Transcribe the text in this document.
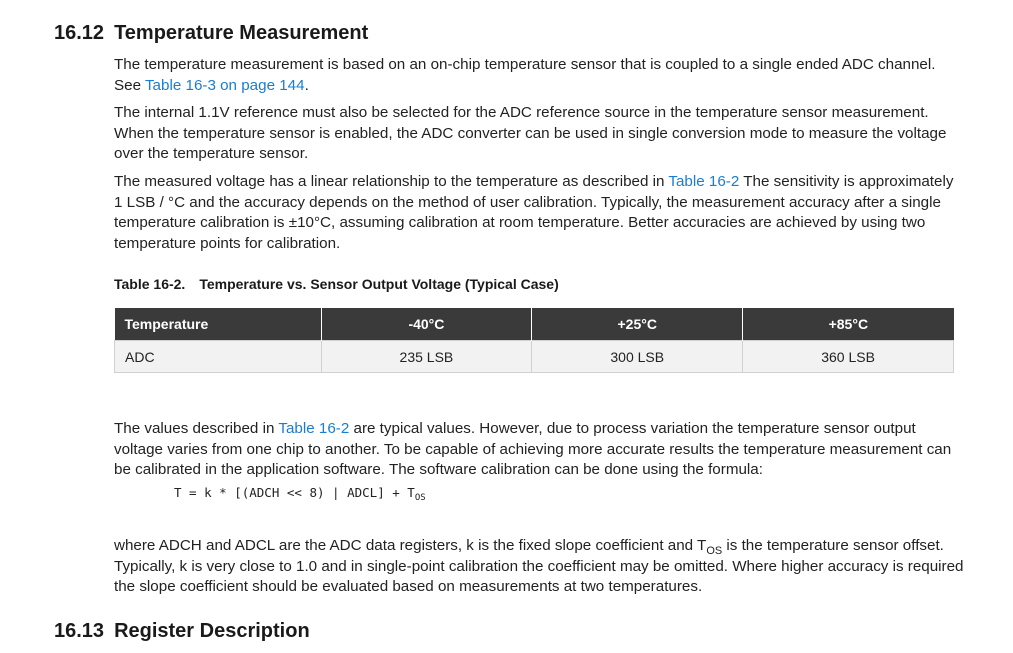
16.12 Temperature Measurement

The temperature measurement is based on an on-chip temperature sensor that is coupled to a single ended ADC channel. See Table 16-3 on page 144.

The internal 1.1V reference must also be selected for the ADC reference source in the temperature sensor measurement. When the temperature sensor is enabled, the ADC converter can be used in single conversion mode to measure the voltage over the temperature sensor.

The measured voltage has a linear relationship to the temperature as described in Table 16-2 The sensitivity is approximately 1 LSB / °C and the accuracy depends on the method of user calibration. Typically, the measurement accuracy after a single temperature calibration is ±10°C, assuming calibration at room temperature. Better accuracies are achieved by using two temperature points for calibration.

Table 16-2. Temperature vs. Sensor Output Voltage (Typical Case)
Temperature	-40°C	+25°C	+85°C
ADC	235 LSB	300 LSB	360 LSB

The values described in Table 16-2 are typical values. However, due to process variation the temperature sensor output voltage varies from one chip to another. To be capable of achieving more accurate results the temperature measurement can be calibrated in the application software. The software calibration can be done using the formula:

T = k * [(ADCH << 8) | ADCL] + $T_{OS}$

where ADCH and ADCL are the ADC data registers, k is the fixed slope coefficient and $T_{OS}$ is the temperature sensor offset. Typically, k is very close to 1.0 and in single-point calibration the coefficient may be omitted. Where higher accuracy is required the slope coefficient should be evaluated based on measurements at two temperatures.

16.13 Register Description
